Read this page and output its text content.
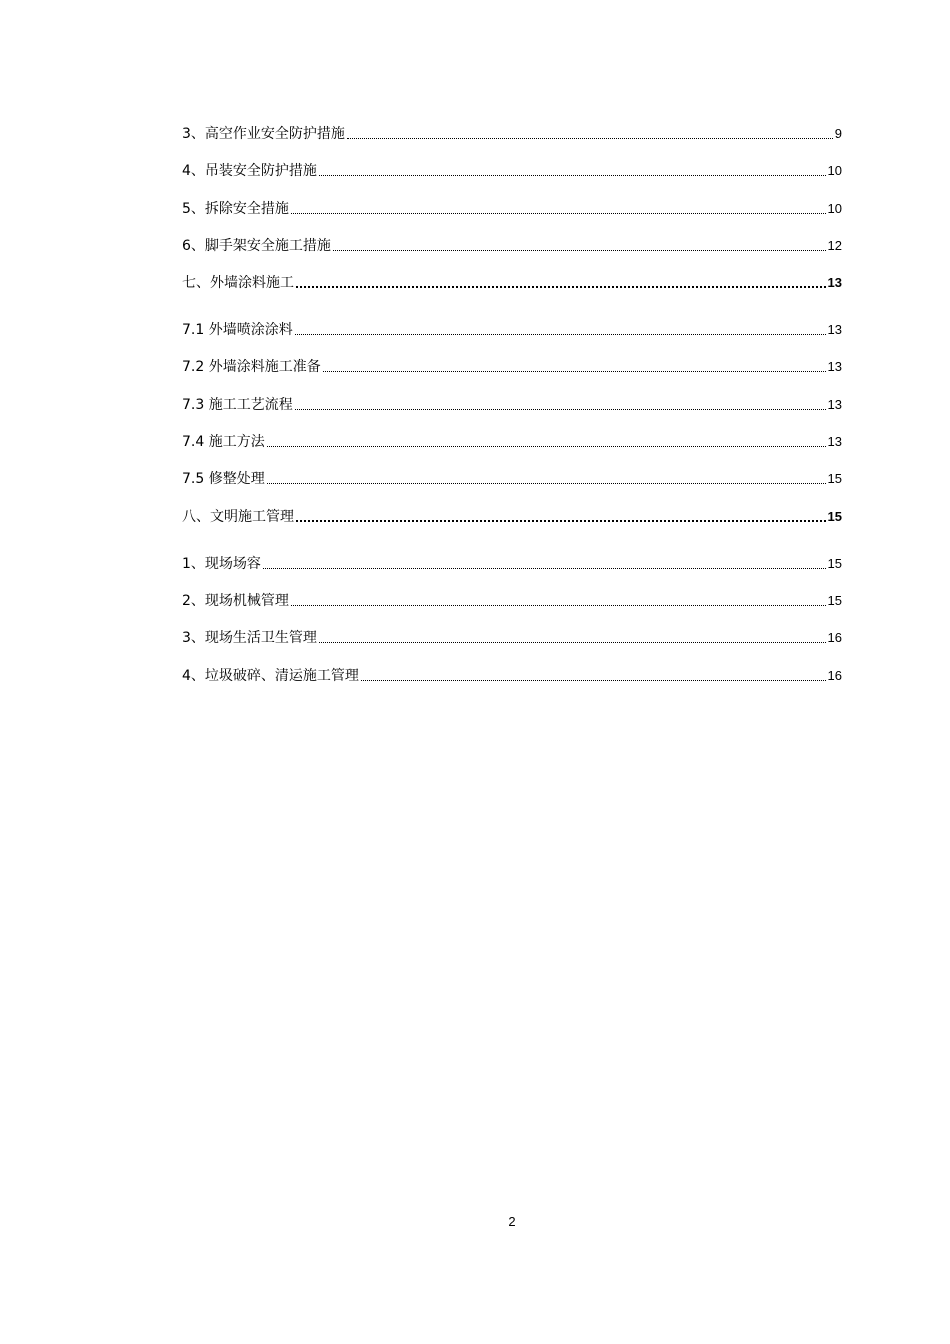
3、高空作业安全防护措施	9
4、吊装安全防护措施	10
5、拆除安全措施	10
6、脚手架安全施工措施	12
七、外墙涂料施工	13
7.1 外墙喷涂涂料	13
7.2 外墙涂料施工准备	13
7.3 施工工艺流程	13
7.4 施工方法	13
7.5 修整处理	15
八、文明施工管理	15
1、现场场容	15
2、现场机械管理	15
3、现场生活卫生管理	16
4、垃圾破碎、清运施工管理	16
2
